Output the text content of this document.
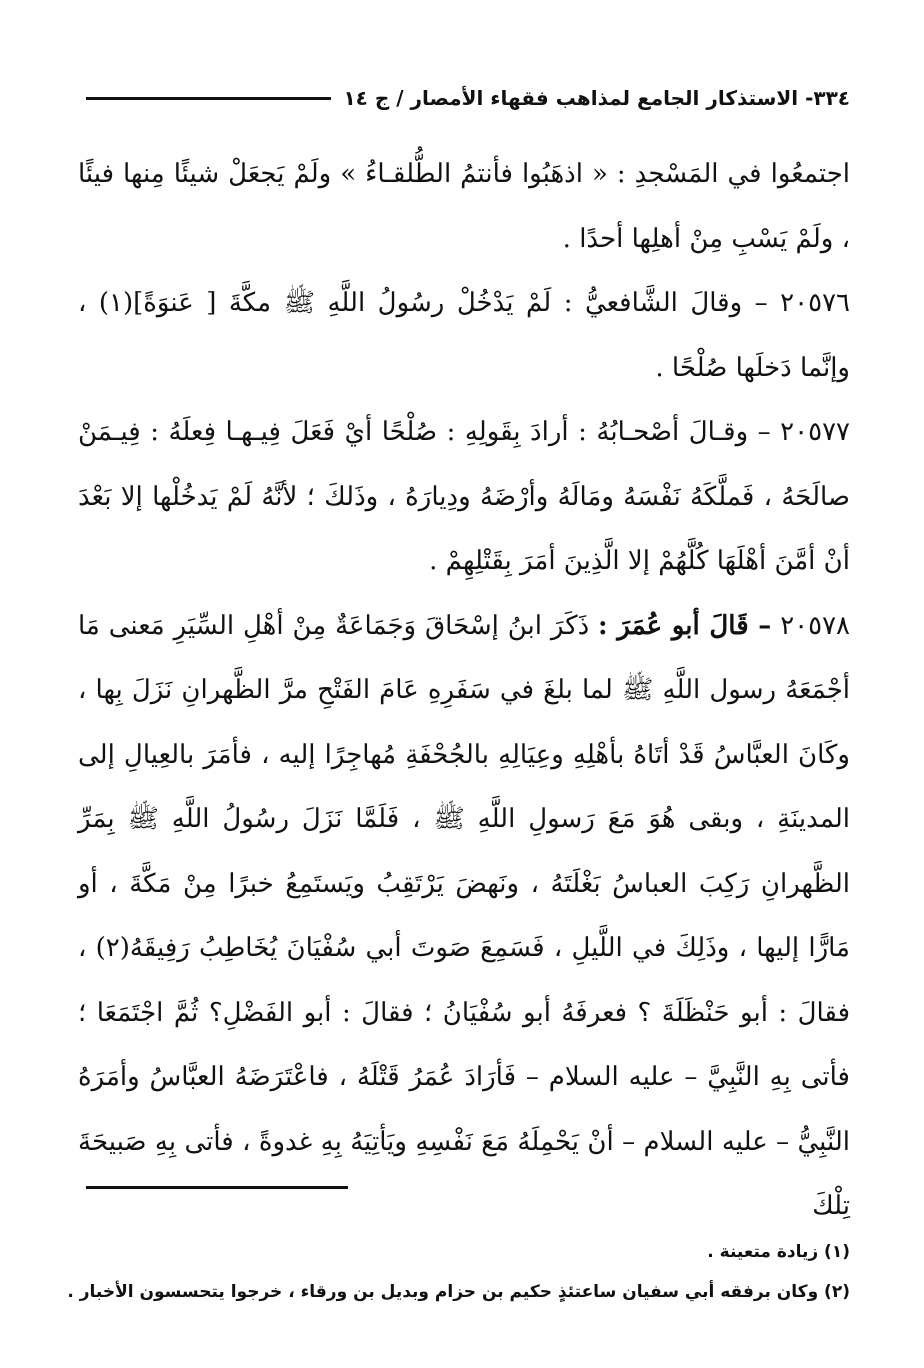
٣٣٤- الاستذكار الجامع لمذاهب فقهاء الأمصار / ج ١٤

اجتمعُوا في المَسْجدِ : « اذهَبُوا فأنتمُ الطُّلقـاءُ » ولَمْ يَجعَلْ شيئًا مِنها فيئًا ، ولَمْ يَسْبِ مِنْ أهلِها أحدًا .

٢٠٥٧٦ – وقالَ الشَّافعيُّ : لَمْ يَدْخُلْ رسُولُ اللَّهِ ﷺ مكَّةَ [ عَنوَةً](١) ، وإنَّما دَخلَها صُلْحًا .

٢٠٥٧٧ – وقـالَ أصْحـابُهُ : أرادَ بِقَولِهِ : صُلْحًا أيْ فَعَلَ فِيـهـا فِعلَهُ : فِيـمَنْ صالَحَهُ ، فَملَّكَهُ نَفْسَهُ ومَالَهُ وأرْضَهُ ودِيارَهُ ، وذَلكَ ؛ لأنَّهُ لَمْ يَدخُلْها إلا بَعْدَ أنْ أمَّنَ أهْلَهَا كُلَّهُمْ إلا الَّذِينَ أمَرَ بِقَتْلِهِمْ .

٢٠٥٧٨ – قَالَ أبو عُمَرَ : ذَكَرَ ابنُ إسْحَاقَ وَجَمَاعَةٌ مِنْ أهْلِ السِّيَرِ مَعنى مَا أجْمَعَهُ رسول اللَّهِ ﷺ لما بلغَ في سَفَرِهِ عَامَ الفَتْحِ مرَّ الظَّهرانِ نَزَلَ بِها ، وكَانَ العبَّاسُ قَدْ أتَاهُ بأهْلِهِ وعِيَالِهِ بالجُحْفَةِ مُهاجِرًا إليه ، فأمَرَ بالعِيالِ إلى المدينَةِ ، وبقى هُوَ مَعَ رَسولِ اللَّهِ ﷺ ، فَلَمَّا نَزَلَ رسُولُ اللَّهِ ﷺ بِمَرِّ الظَّهرانِ رَكِبَ العباسُ بَغْلَتَهُ ، ونَهضَ يَرْتَقِبُ ويَستَمِعُ خبرًا مِنْ مَكَّةَ ، أو مَارًّا إليها ، وذَلِكَ في اللَّيلِ ، فَسَمِعَ صَوتَ أبي سُفْيَانَ يُخَاطِبُ رَفِيقَهُ(٢) ، فقالَ : أبو حَنْظَلَةَ ؟ فعرفَهُ أبو سُفْيَانُ ؛ فقالَ : أبو الفَضْلِ؟ ثُمَّ اجْتَمَعَا ؛ فأتى بِهِ النَّبِيَّ – عليه السلام – فَأرَادَ عُمَرُ قَتْلَهُ ، فاعْتَرَضَهُ العبَّاسُ وأمَرَهُ النَّبِيُّ – عليه السلام – أنْ يَحْمِلَهُ مَعَ نَفْسِهِ ويَأتِيَهُ بِهِ غدوةً ، فأتى بِهِ صَبيحَةَ تِلْكَ

(١) زيادة متعينة .
(٢) وكان برفقه أبي سفيان ساعتئذٍ حكيم بن حزام وبديل بن ورقاء ، خرجوا يتحسسون الأخبار .
